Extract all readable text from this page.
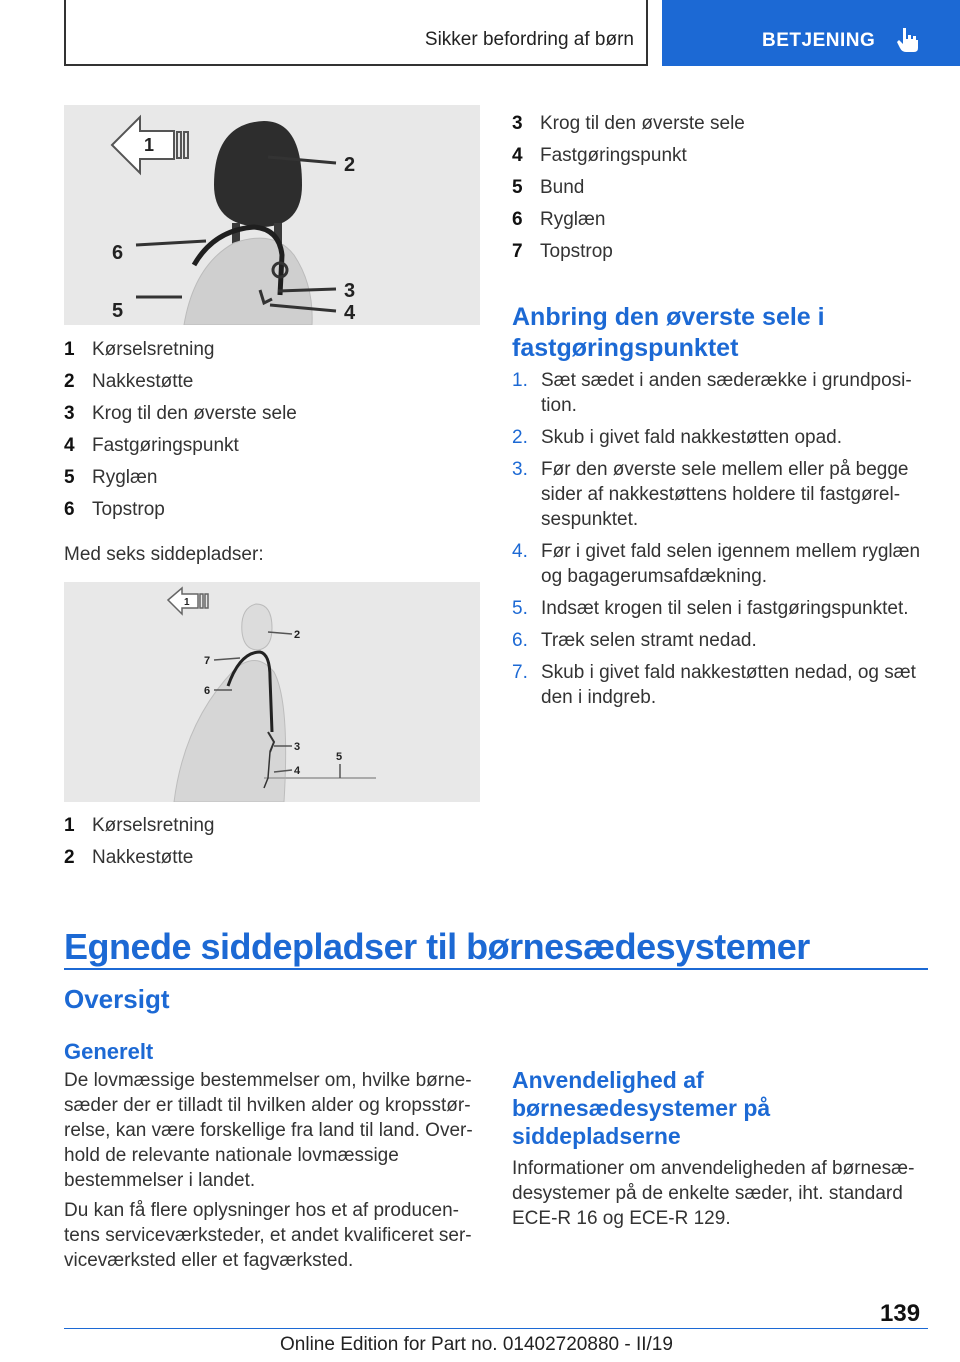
Sikker befordring af børn	BETJENING
1
2
6
3
5	4
1 Kørselsretning
2 Nakkestøtte
3 Krog til den øverste sele
4 Fastgøringspunkt
5 Ryglæn
6 Topstrop
Med seks siddepladser:
1
2
7
6
3
5
4
1 Kørselsretning
2 Nakkestøtte
3 Krog til den øverste sele
4 Fastgøringspunkt
5 Bund
6 Ryglæn
7 Topstrop
Anbring den øverste sele i
fastgøringspunktet
1. Sæt sædet i anden sæderække i grundposi-
tion.
2. Skub i givet fald nakkestøtten opad.
3. Før den øverste sele mellem eller på begge
sider af nakkestøttens holdere til fastgørel-
sespunktet.
4. Før i givet fald selen igennem mellem ryglæn
og bagagerumsafdækning.
5. Indsæt krogen til selen i fastgøringspunktet.
6. Træk selen stramt nedad.
7. Skub i givet fald nakkestøtten nedad, og sæt
den i indgreb.
Egnede siddepladser til børnesædesystemer
Oversigt
Generelt
De lovmæssige bestemmelser om, hvilke børne-
sæder der er tilladt til hvilken alder og kropsstør-
relse, kan være forskellige fra land til land. Over-
hold de relevante nationale lovmæssige
bestemmelser i landet.
Du kan få flere oplysninger hos et af producen-
tens serviceværksteder, et andet kvalificeret ser-
viceværksted eller et fagværksted.
Anvendelighed af
børnesædesystemer på
siddepladserne
Informationer om anvendeligheden af børnesæ-
desystemer på de enkelte sæder, iht. standard
ECE-R 16 og ECE-R 129.
139
Online Edition for Part no. 01402720880 - II/19
